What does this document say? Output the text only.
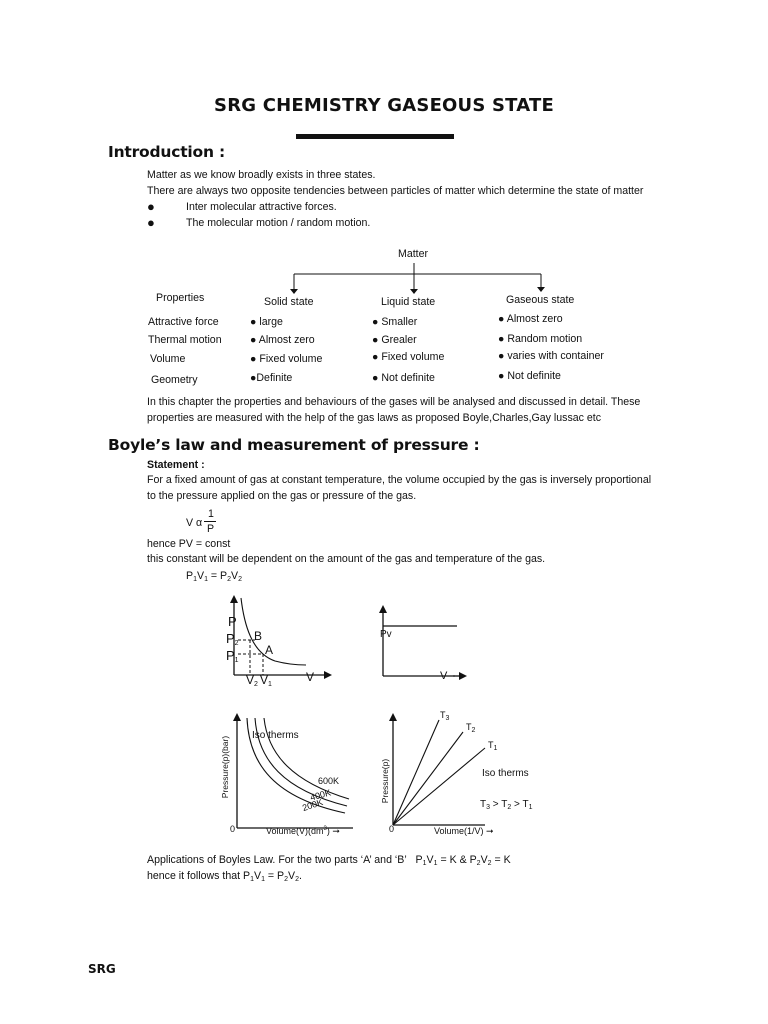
SRG CHEMISTRY GASEOUS STATE
Introduction :
Matter as we know broadly exists in three states.
There are always two opposite tendencies between particles of matter which determine the state of matter
●	Inter molecular attractive forces.
●	The molecular motion / random motion.
Matter
Properties	Solid state	Liquid state	Gaseous state
Attractive force	● large	● Smaller	● Almost zero
Thermal motion	● Almost zero	● Grealer	● Random motion
Volume	● Fixed volume	● Fixed volume	● varies with container
Geometry	●Definite	● Not definite	● Not definite
In this chapter the properties and behaviours of the gases will be analysed and discussed in detail. These
properties are measured with the help of the gas laws as proposed Boyle,Charles,Gay lussac etc
Boyle’s law and measurement of pressure :
Statement :
For a fixed amount of gas at constant temperature, the volume occupied by the gas is inversely proportional
to the pressure applied on the gas or pressure of the gas.
V α
1
P
hence PV = const
this constant will be dependent on the amount of the gas and temperature of the gas.
$P_1V_1 = P_2V_2$
P
$P_2$
$P_1$
B
A
$V_2$ $V_1$
V
Pv
V
Iso therms
600K
400K
200K
Pressure(p)(bar)
0	$Volume(V)(dm^3)$ ➞
$T_3$
$T_2$
$T_1$
Iso therms
$T_3 > T_2 > T_1$
Pressure(p)
0	Volume(1/V) ➞
Applications of Boyles Law. For the two parts ‘A’ and ‘B’ $P_1V_1 = K$ & $P_2V_2 = K$
hence it follows that $P_1V_1 = P_2V_2$.
SRG
